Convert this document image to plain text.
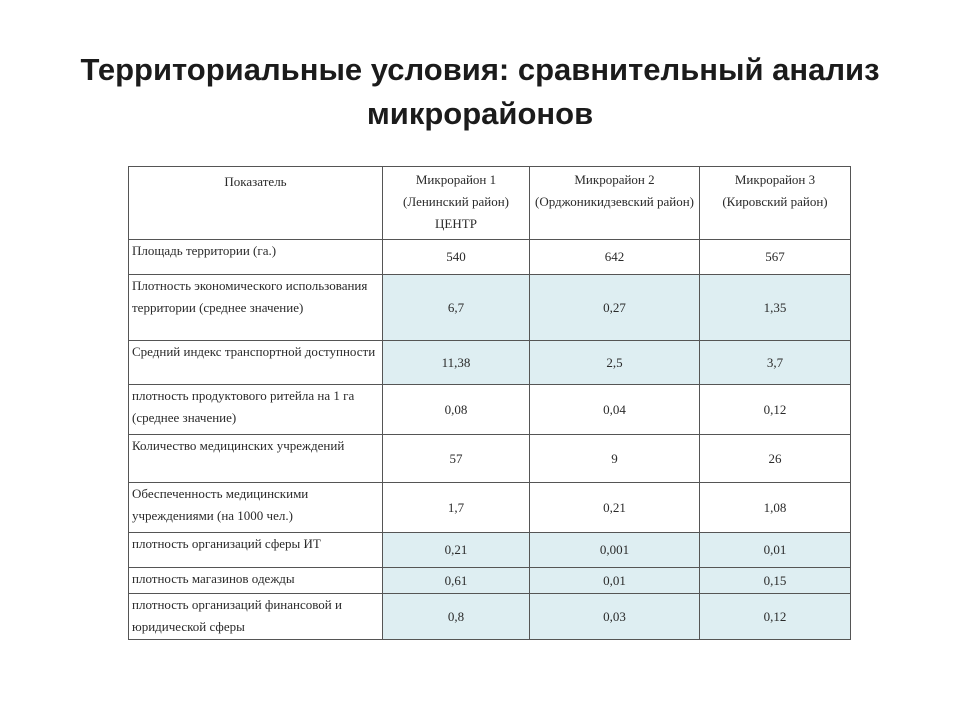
Территориальные условия: сравнительный анализ
микрорайонов
Показатель	Микрорайон 1 (Ленинский район) ЦЕНТР	Микрорайон 2 (Орджоникидзевский район)	Микрорайон 3 (Кировский район)
Площадь территории (га.)	540	642	567
Плотность экономического использования территории (среднее значение)	6,7	0,27	1,35
Средний индекс транспортной доступности	11,38	2,5	3,7
плотность продуктового ритейла на 1 га (среднее значение)	0,08	0,04	0,12
Количество медицинских учреждений	57	9	26
Обеспеченность медицинскими учреждениями (на 1000 чел.)	1,7	0,21	1,08
плотность организаций сферы ИТ	0,21	0,001	0,01
плотность магазинов одежды	0,61	0,01	0,15
плотность организаций финансовой и юридической сферы	0,8	0,03	0,12
